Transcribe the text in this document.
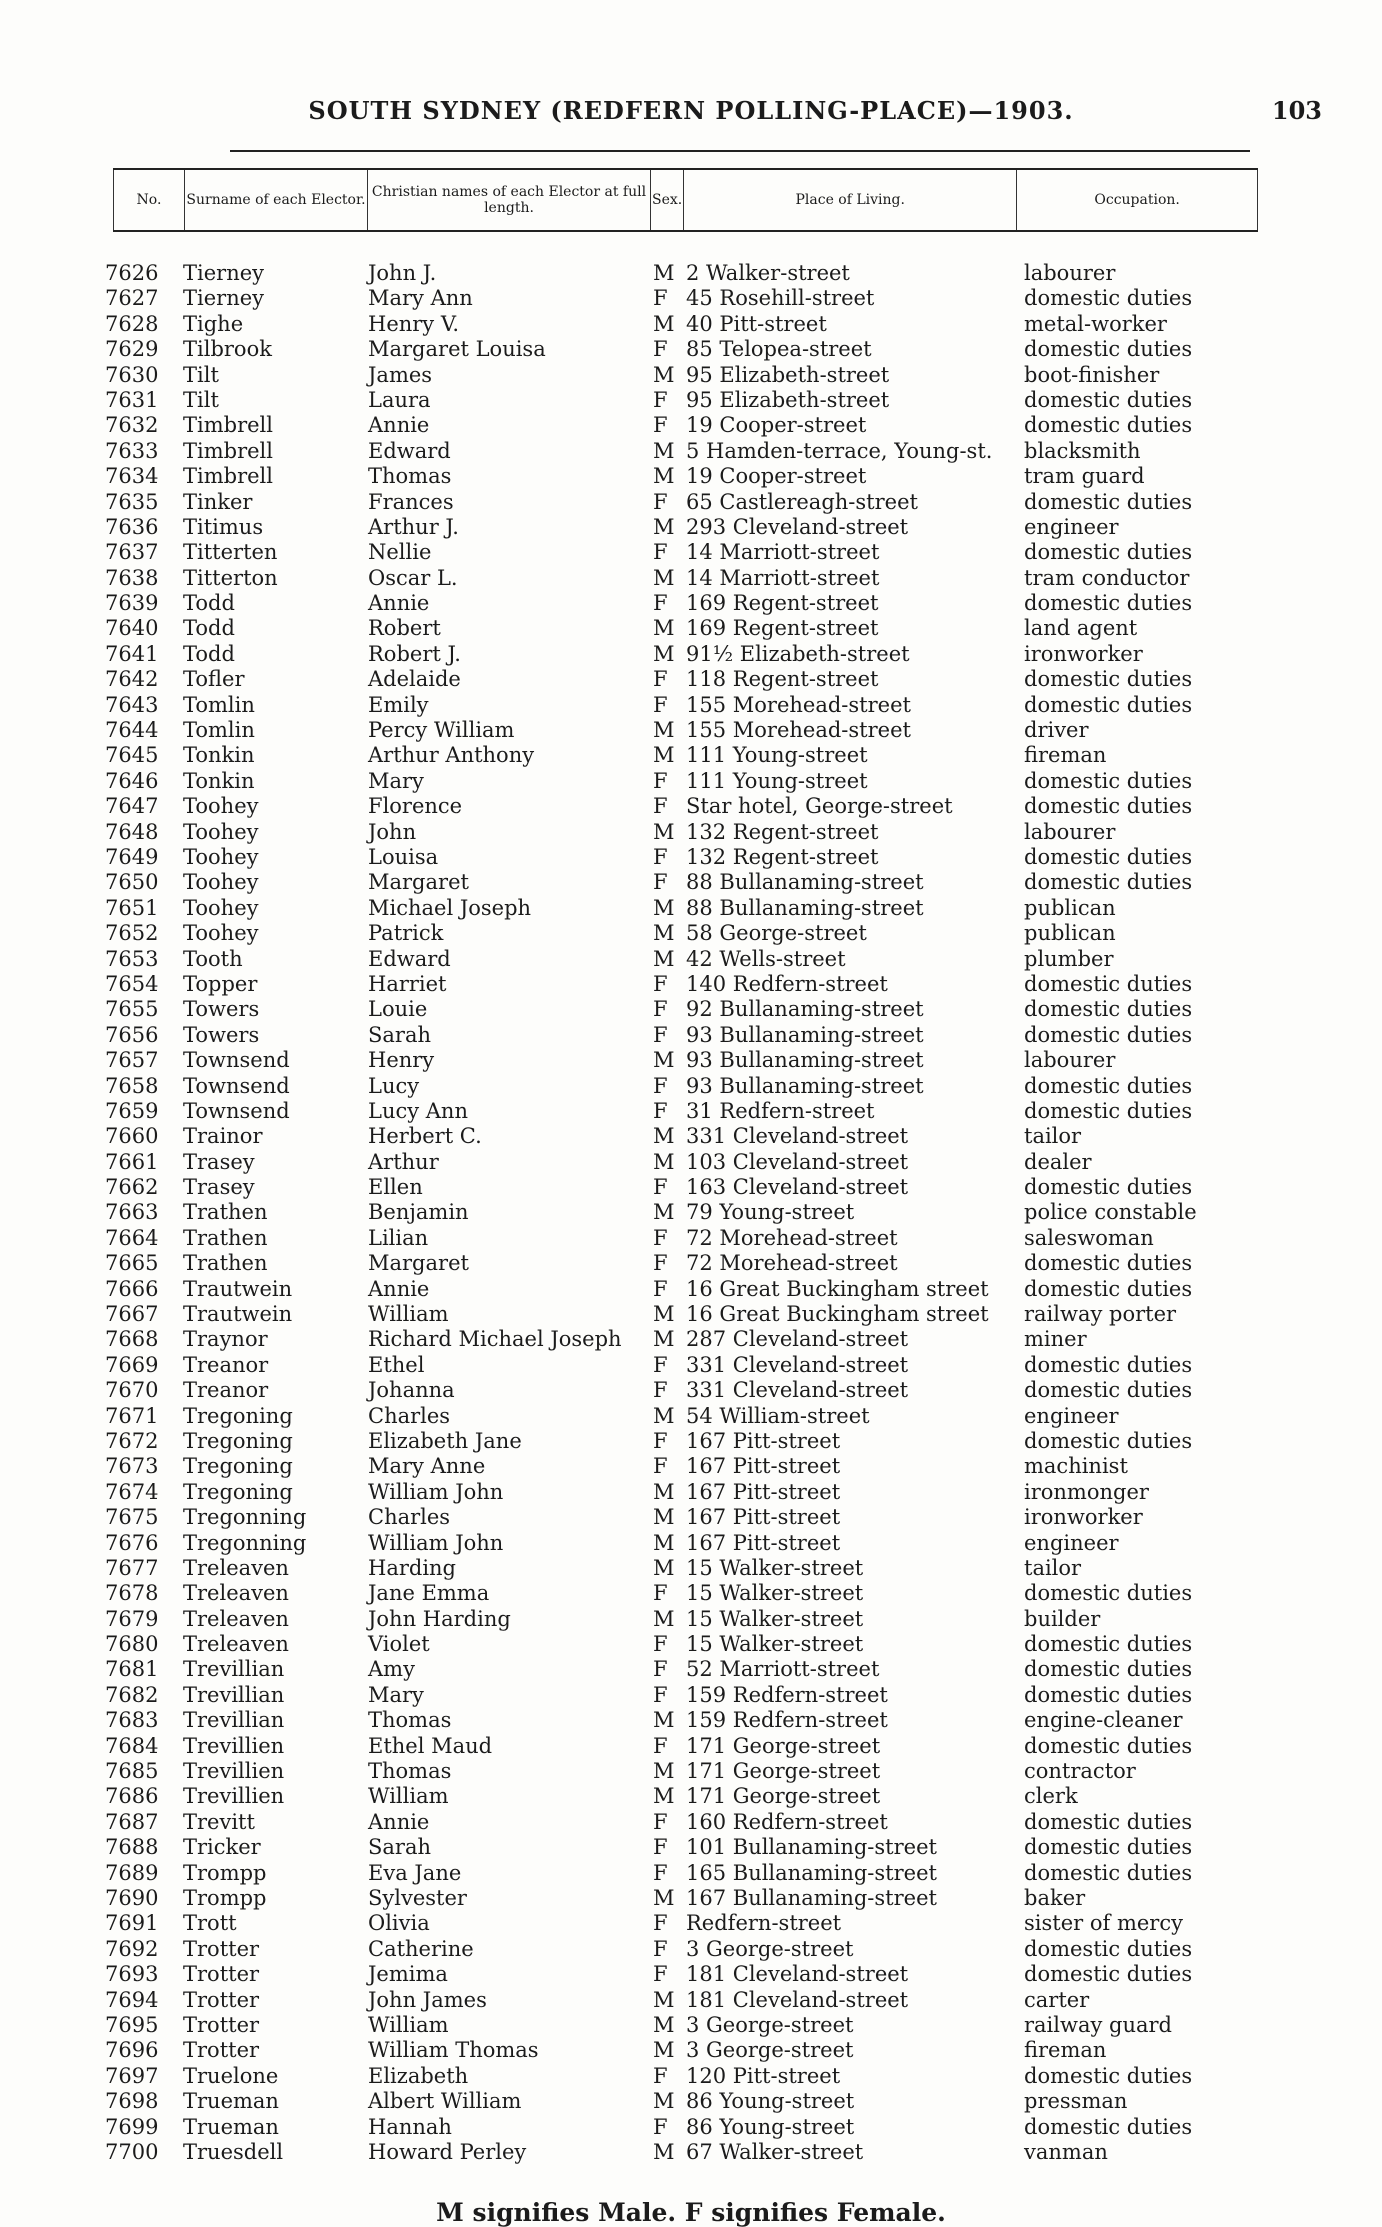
SOUTH SYDNEY (REDFERN POLLING-PLACE)—1903.	103
No.	Surname of each Elector.	Christian names of each Elector at full length.	Sex.	Place of Living.	Occupation.
7626	Tierney	John J.	M 2 Walker-street	labourer
7627	Tierney	Mary Ann	F 45 Rosehill-street	domestic duties
7628	Tighe	Henry V.	M 40 Pitt-street	metal-worker
7629	Tilbrook	Margaret Louisa	F 85 Telopea-street	domestic duties
7630	Tilt	James	M 95 Elizabeth-street	boot-finisher
7631	Tilt	Laura	F 95 Elizabeth-street	domestic duties
7632	Timbrell	Annie	F 19 Cooper-street	domestic duties
7633	Timbrell	Edward	M 5 Hamden-terrace, Young-st.	blacksmith
7634	Timbrell	Thomas	M 19 Cooper-street	tram guard
7635	Tinker	Frances	F 65 Castlereagh-street	domestic duties
7636	Titimus	Arthur J.	M 293 Cleveland-street	engineer
7637	Titterten	Nellie	F 14 Marriott-street	domestic duties
7638	Titterton	Oscar L.	M 14 Marriott-street	tram conductor
7639	Todd	Annie	F 169 Regent-street	domestic duties
7640	Todd	Robert	M 169 Regent-street	land agent
7641	Todd	Robert J.	M 91½ Elizabeth-street	ironworker
7642	Tofler	Adelaide	F 118 Regent-street	domestic duties
7643	Tomlin	Emily	F 155 Morehead-street	domestic duties
7644	Tomlin	Percy William	M 155 Morehead-street	driver
7645	Tonkin	Arthur Anthony	M 111 Young-street	fireman
7646	Tonkin	Mary	F 111 Young-street	domestic duties
7647	Toohey	Florence	F Star hotel, George-street	domestic duties
7648	Toohey	John	M 132 Regent-street	labourer
7649	Toohey	Louisa	F 132 Regent-street	domestic duties
7650	Toohey	Margaret	F 88 Bullanaming-street	domestic duties
7651	Toohey	Michael Joseph	M 88 Bullanaming-street	publican
7652	Toohey	Patrick	M 58 George-street	publican
7653	Tooth	Edward	M 42 Wells-street	plumber
7654	Topper	Harriet	F 140 Redfern-street	domestic duties
7655	Towers	Louie	F 92 Bullanaming-street	domestic duties
7656	Towers	Sarah	F 93 Bullanaming-street	domestic duties
7657	Townsend	Henry	M 93 Bullanaming-street	labourer
7658	Townsend	Lucy	F 93 Bullanaming-street	domestic duties
7659	Townsend	Lucy Ann	F 31 Redfern-street	domestic duties
7660	Trainor	Herbert C.	M 331 Cleveland-street	tailor
7661	Trasey	Arthur	M 103 Cleveland-street	dealer
7662	Trasey	Ellen	F 163 Cleveland-street	domestic duties
7663	Trathen	Benjamin	M 79 Young-street	police constable
7664	Trathen	Lilian	F 72 Morehead-street	saleswoman
7665	Trathen	Margaret	F 72 Morehead-street	domestic duties
7666	Trautwein	Annie	F 16 Great Buckingham street	domestic duties
7667	Trautwein	William	M 16 Great Buckingham street	railway porter
7668	Traynor	Richard Michael Joseph	M 287 Cleveland-street	miner
7669	Treanor	Ethel	F 331 Cleveland-street	domestic duties
7670	Treanor	Johanna	F 331 Cleveland-street	domestic duties
7671	Tregoning	Charles	M 54 William-street	engineer
7672	Tregoning	Elizabeth Jane	F 167 Pitt-street	domestic duties
7673	Tregoning	Mary Anne	F 167 Pitt-street	machinist
7674	Tregoning	William John	M 167 Pitt-street	ironmonger
7675	Tregonning	Charles	M 167 Pitt-street	ironworker
7676	Tregonning	William John	M 167 Pitt-street	engineer
7677	Treleaven	Harding	M 15 Walker-street	tailor
7678	Treleaven	Jane Emma	F 15 Walker-street	domestic duties
7679	Treleaven	John Harding	M 15 Walker-street	builder
7680	Treleaven	Violet	F 15 Walker-street	domestic duties
7681	Trevillian	Amy	F 52 Marriott-street	domestic duties
7682	Trevillian	Mary	F 159 Redfern-street	domestic duties
7683	Trevillian	Thomas	M 159 Redfern-street	engine-cleaner
7684	Trevillien	Ethel Maud	F 171 George-street	domestic duties
7685	Trevillien	Thomas	M 171 George-street	contractor
7686	Trevillien	William	M 171 George-street	clerk
7687	Trevitt	Annie	F 160 Redfern-street	domestic duties
7688	Tricker	Sarah	F 101 Bullanaming-street	domestic duties
7689	Trompp	Eva Jane	F 165 Bullanaming-street	domestic duties
7690	Trompp	Sylvester	M 167 Bullanaming-street	baker
7691	Trott	Olivia	F Redfern-street	sister of mercy
7692	Trotter	Catherine	F 3 George-street	domestic duties
7693	Trotter	Jemima	F 181 Cleveland-street	domestic duties
7694	Trotter	John James	M 181 Cleveland-street	carter
7695	Trotter	William	M 3 George-street	railway guard
7696	Trotter	William Thomas	M 3 George-street	fireman
7697	Truelone	Elizabeth	F 120 Pitt-street	domestic duties
7698	Trueman	Albert William	M 86 Young-street	pressman
7699	Trueman	Hannah	F 86 Young-street	domestic duties
7700	Truesdell	Howard Perley	M 67 Walker-street	vanman
M signifies Male. F signifies Female.
